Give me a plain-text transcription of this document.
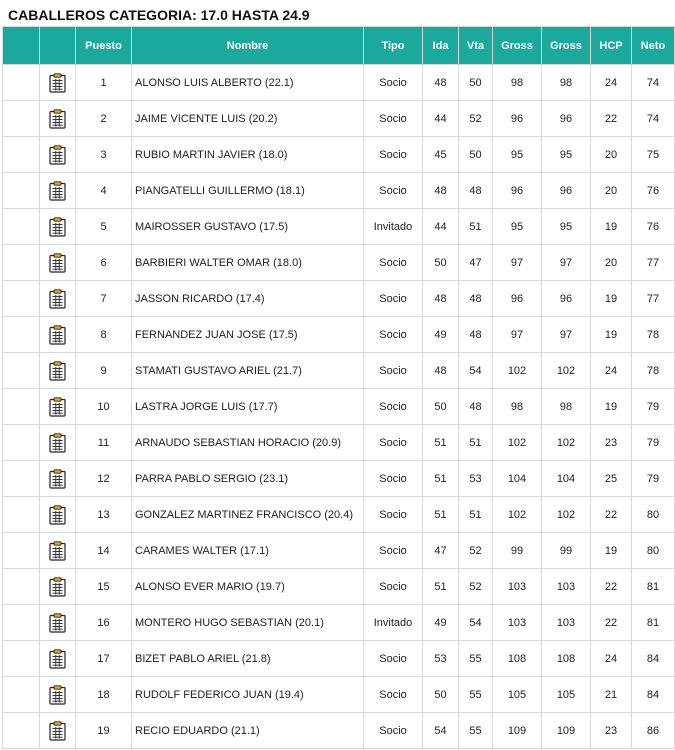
CABALLEROS CATEGORIA: 17.0 HASTA 24.9
		Puesto	Nombre	Tipo	Ida	Vta	Gross	Gross	HCP	Neto

	1	ALONSO LUIS ALBERTO (22.1)	Socio	48	50	98	98	24	74

	2	JAIME VICENTE LUIS (20.2)	Socio	44	52	96	96	22	74

	3	RUBIO MARTIN JAVIER (18.0)	Socio	45	50	95	95	20	75

	4	PIANGATELLI GUILLERMO (18.1)	Socio	48	48	96	96	20	76

	5	MAIROSSER GUSTAVO (17.5)	Invitado	44	51	95	95	19	76

	6	BARBIERI WALTER OMAR (18.0)	Socio	50	47	97	97	20	77

	7	JASSON RICARDO (17.4)	Socio	48	48	96	96	19	77

	8	FERNANDEZ JUAN JOSE (17.5)	Socio	49	48	97	97	19	78

	9	STAMATI GUSTAVO ARIEL (21.7)	Socio	48	54	102	102	24	78

	10	LASTRA JORGE LUIS (17.7)	Socio	50	48	98	98	19	79

	11	ARNAUDO SEBASTIAN HORACIO (20.9)	Socio	51	51	102	102	23	79

	12	PARRA PABLO SERGIO (23.1)	Socio	51	53	104	104	25	79

	13	GONZALEZ MARTINEZ FRANCISCO (20.4)	Socio	51	51	102	102	22	80

	14	CARAMES WALTER (17.1)	Socio	47	52	99	99	19	80

	15	ALONSO EVER MARIO (19.7)	Socio	51	52	103	103	22	81

	16	MONTERO HUGO SEBASTIAN (20.1)	Invitado	49	54	103	103	22	81

	17	BIZET PABLO ARIEL (21.8)	Socio	53	55	108	108	24	84

	18	RUDOLF FEDERICO JUAN (19.4)	Socio	50	55	105	105	21	84

	19	RECIO EDUARDO (21.1)	Socio	54	55	109	109	23	86
